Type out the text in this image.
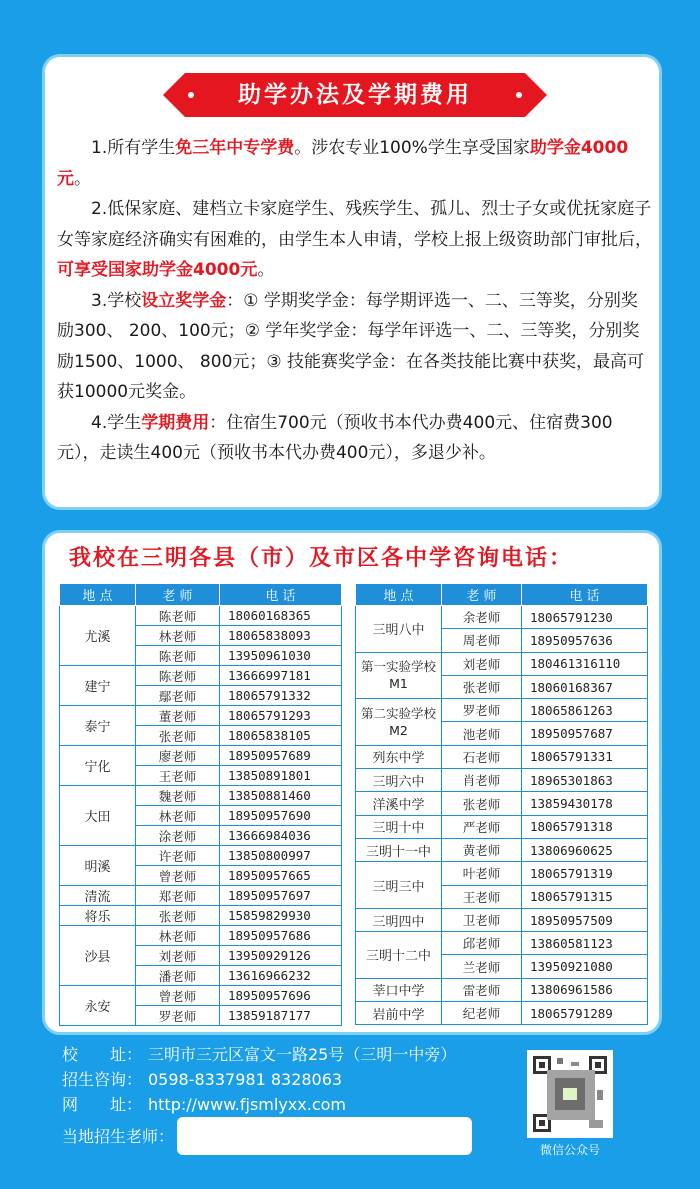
助学办法及学期费用

1.所有学生免三年中专学费。涉农专业100%学生享受国家助学金4000元。

2.低保家庭、建档立卡家庭学生、残疾学生、孤儿、烈士子女或优抚家庭子女等家庭经济确实有困难的，由学生本人申请，学校上报上级资助部门审批后，可享受国家助学金4000元。

3.学校设立奖学金：① 学期奖学金：每学期评选一、二、三等奖，分别奖励300、 200、100元；② 学年奖学金：每学年评选一、二、三等奖，分别奖励1500、1000、 800元；③ 技能赛奖学金：在各类技能比赛中获奖，最高可获10000元奖金。

4.学生学期费用：住宿生700元（预收书本代办费400元、住宿费300元），走读生400元（预收书本代办费400元），多退少补。

我校在三明各县（市）及市区各中学咨询电话：
地 点	老 师	电 话
尤溪	陈老师	18060168365
	林老师	18065838093
	陈老师	13950961030
建宁	陈老师	13666997181
	鄢老师	18065791332
泰宁	董老师	18065791293
	张老师	18065838105
宁化	廖老师	18950957689
	王老师	13850891801
大田	魏老师	13850881460
	林老师	18950957690
	涂老师	13666984036
明溪	许老师	13850800997
	曾老师	18950957665
清流	郑老师	18950957697
将乐	张老师	15859829930
沙县	林老师	18950957686
	刘老师	13950929126
	潘老师	13616966232
永安	曾老师	18950957696
	罗老师	13859187177
地 点	老 师	电 话
三明八中	余老师	18065791230
	周老师	18950957636
第一实验学校M1	刘老师	180461316110
	张老师	18060168367
第二实验学校M2	罗老师	18065861263
	池老师	18950957687
列东中学	石老师	18065791331
三明六中	肖老师	18965301863
洋溪中学	张老师	13859430178
三明十中	严老师	18065791318
三明十一中	黄老师	13806960625
三明三中	叶老师	18065791319
	王老师	18065791315
三明四中	卫老师	18950957509
三明十二中	邱老师	13860581123
	兰老师	13950921080
莘口中学	雷老师	13806961586
岩前中学	纪老师	18065791289
校　　址： 三明市三元区富文一路25号（三明一中旁）
招生咨询： 0598-8337981 8328063
网　　址： http://www.fjsmlyxx.com
当地招生老师：
微信公众号
